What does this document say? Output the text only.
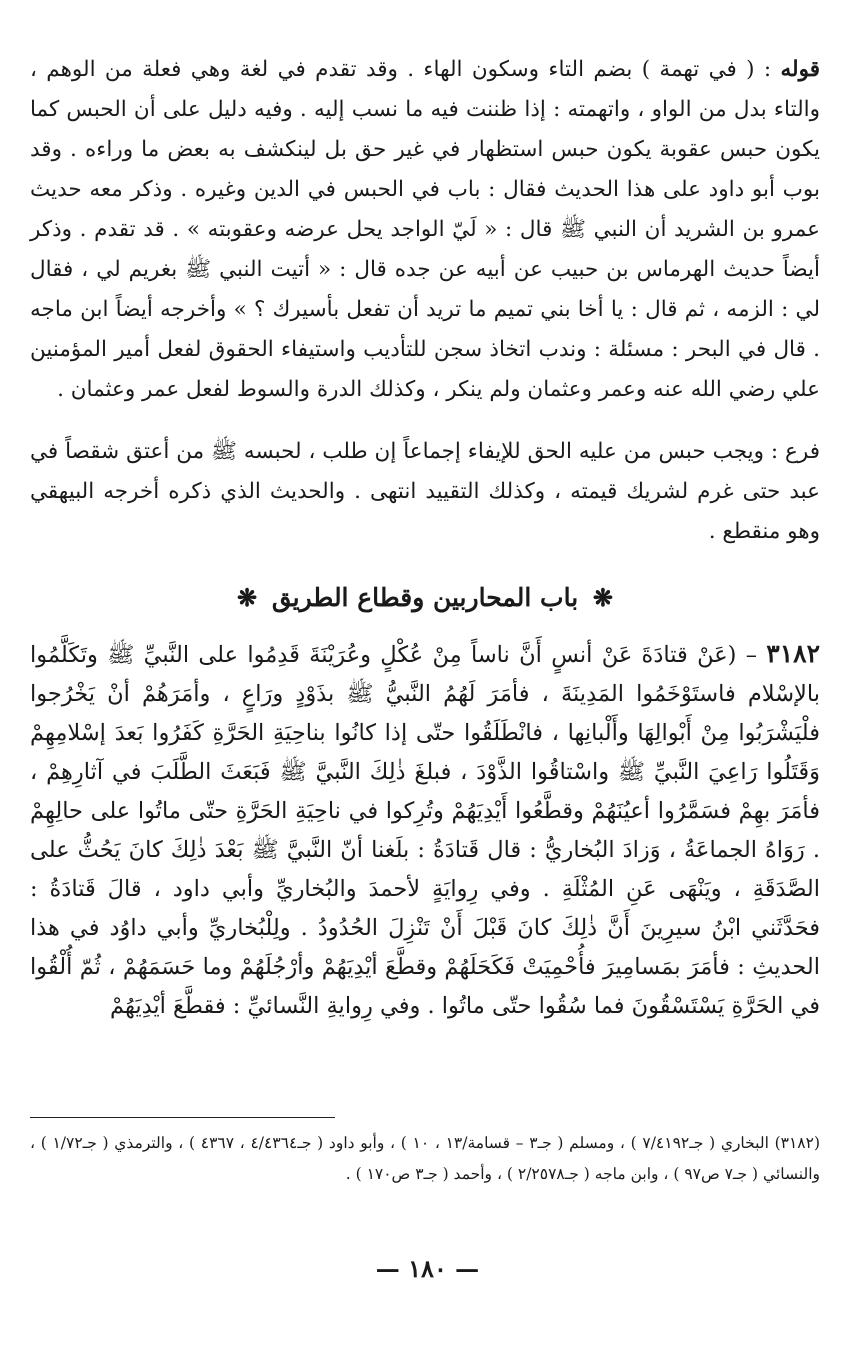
قوله : ( في تهمة ) بضم التاء وسكون الهاء . وقد تقدم في لغة وهي فعلة من الوهم ، والتاء بدل من الواو ، واتهمته : إذا ظننت فيه ما نسب إليه . وفيه دليل على أن الحبس كما يكون حبس عقوبة يكون حبس استظهار في غير حق بل لينكشف به بعض ما وراءه . وقد بوب أبو داود على هذا الحديث فقال : باب في الحبس في الدين وغيره . وذكر معه حديث عمرو بن الشريد أن النبي ﷺ قال : « لَيّ الواجد يحل عرضه وعقوبته » . قد تقدم . وذكر أيضاً حديث الهرماس بن حبيب عن أبيه عن جده قال : « أتيت النبي ﷺ بغريم لي ، فقال لي : الزمه ، ثم قال : يا أخا بني تميم ما تريد أن تفعل بأسيرك ؟ » وأخرجه أيضاً ابن ماجه . قال في البحر : مسئلة : وندب اتخاذ سجن للتأديب واستيفاء الحقوق لفعل أمير المؤمنين علي رضي الله عنه وعمر وعثمان ولم ينكر ، وكذلك الدرة والسوط لفعل عمر وعثمان .

فرع : ويجب حبس من عليه الحق للإيفاء إجماعاً إن طلب ، لحبسه ﷺ من أعتق شقصاً في عبد حتى غرم لشريك قيمته ، وكذلك التقييد انتهى . والحديث الذي ذكره أخرجه البيهقي وهو منقطع .

❋ باب المحاربين وقطاع الطريق ❋

٣١٨٢ – (عَنْ قتادَةَ عَنْ أنسٍ أَنَّ ناساً مِنْ عُكْلٍ وعُرَيْنَةَ قَدِمُوا على النَّبيِّ ﷺ وتَكَلَّمُوا بالإسْلام فاستَوْخَمُوا المَدِينَةَ ، فأمَرَ لَهُمُ النَّبيُّ ﷺ بذَوْدٍ ورَاعٍ ، وأمَرَهُمْ أنْ يَخْرُجوا فلْيَشْرَبُوا مِنْ أَبْوالِهَا وأَلْبانِها ، فانْطَلَقُوا حتّى إذا كانُوا بناحِيَةِ الحَرَّةِ كَفَرُوا بَعدَ إسْلامِهِمْ وَقَتَلُوا رَاعِيَ النَّبيِّ ﷺ واسْتاقُوا الذَّوْدَ ، فبلغَ ذٰلِكَ النَّبيَّ ﷺ فَبَعَثَ الطَّلَبَ في آثارِهِمْ ، فأمَرَ بهِمْ فسَمَّرُوا أعيُنَهُمْ وقطَّعُوا أَيْدِيَهُمْ وتُرِكوا في ناحِيَةِ الحَرَّةِ حتّى ماتُوا على حالِهِمْ . رَوَاهُ الجماعَةُ ، وَزادَ البُخاريُّ : قال قَتادَةُ : بلَغنا أنّ النَّبيَّ ﷺ بَعْدَ ذٰلِكَ كانَ يَحُثُّ على الصَّدَقَةِ ، ويَنْهَى عَنِ المُثْلَةِ . وفي رِوايَةٍ لأحمدَ والبُخاريِّ وأبي داود ، قالَ قَتادَةُ : فحَدَّثَني ابْنُ سيرِينَ أَنَّ ذٰلِكَ كانَ قَبْلَ أَنْ تَنْزِلَ الحُدُودُ . ولِلْبُخاريِّ وأبي داوُد في هذا الحديثِ : فأمَرَ بمَسامِيرَ فأُحْمِيَتْ فَكَحَلَهُمْ وقطَّعَ أيْدِيَهُمْ وأرْجُلَهُمْ وما حَسَمَهُمْ ، ثُمّ أُلْقُوا في الحَرَّةِ يَسْتَسْقُونَ فما سُقُوا حتّى ماتُوا . وفي رِوايةِ النَّسائيِّ : فقطَّعَ أيْدِيَهُمْ

(٣١٨٢) البخاري ( جـ٧/٤١٩٢ ) ، ومسلم ( جـ٣ – قسامة/١٣ ، ١٠ ) ، وأبو داود ( جـ٤/٤٣٦٤ ، ٤٣٦٧ ) ، والترمذي ( جـ١/٧٢ ) ، والنسائي ( جـ٧ ص٩٧ ) ، وابن ماجه ( جـ٢/٢٥٧٨ ) ، وأحمد ( جـ٣ ص١٧٠ ) .
— ١٨٠ —
